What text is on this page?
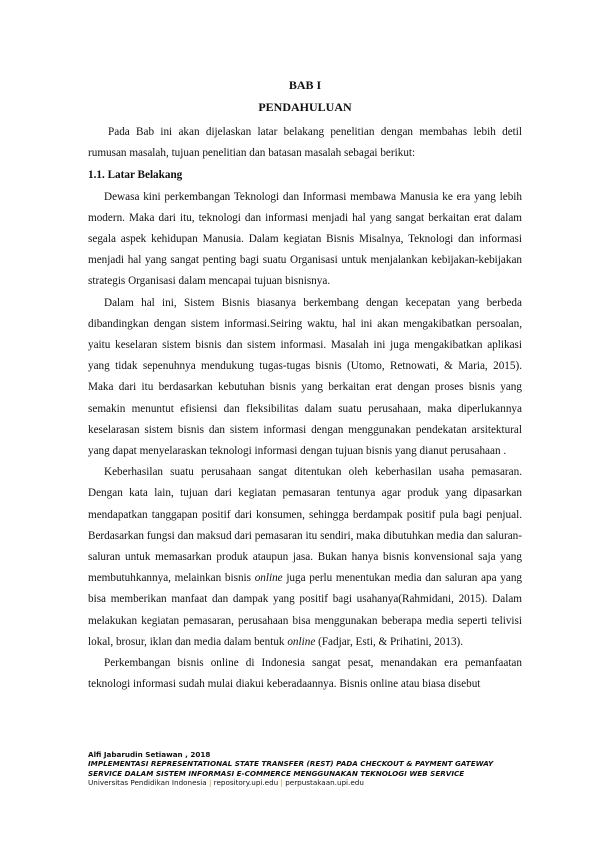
BAB I

PENDAHULUAN

Pada Bab ini akan dijelaskan latar belakang penelitian dengan membahas lebih detil rumusan masalah, tujuan penelitian dan batasan masalah sebagai berikut:

1.1. Latar Belakang

Dewasa kini perkembangan Teknologi dan Informasi membawa Manusia ke era yang lebih modern. Maka dari itu, teknologi dan informasi menjadi hal yang sangat berkaitan erat dalam segala aspek kehidupan Manusia. Dalam kegiatan Bisnis Misalnya, Teknologi dan informasi menjadi hal yang sangat penting bagi suatu Organisasi untuk menjalankan kebijakan-kebijakan strategis Organisasi dalam mencapai tujuan bisnisnya.

Dalam hal ini, Sistem Bisnis biasanya berkembang dengan kecepatan yang berbeda dibandingkan dengan sistem informasi.Seiring waktu, hal ini akan mengakibatkan persoalan, yaitu keselaran sistem bisnis dan sistem informasi. Masalah ini juga mengakibatkan aplikasi yang tidak sepenuhnya mendukung tugas-tugas bisnis (Utomo, Retnowati, & Maria, 2015). Maka dari itu berdasarkan kebutuhan bisnis yang berkaitan erat dengan proses bisnis yang semakin menuntut efisiensi dan fleksibilitas dalam suatu perusahaan, maka diperlukannya keselarasan sistem bisnis dan sistem informasi dengan menggunakan pendekatan arsitektural yang dapat menyelaraskan teknologi informasi dengan tujuan bisnis yang dianut perusahaan .

Keberhasilan suatu perusahaan sangat ditentukan oleh keberhasilan usaha pemasaran. Dengan kata lain, tujuan dari kegiatan pemasaran tentunya agar produk yang dipasarkan mendapatkan tanggapan positif dari konsumen, sehingga berdampak positif pula bagi penjual. Berdasarkan fungsi dan maksud dari pemasaran itu sendiri, maka dibutuhkan media dan saluran-saluran untuk memasarkan produk ataupun jasa. Bukan hanya bisnis konvensional saja yang membutuhkannya, melainkan bisnis online juga perlu menentukan media dan saluran apa yang bisa memberikan manfaat dan dampak yang positif bagi usahanya(Rahmidani, 2015). Dalam melakukan kegiatan pemasaran, perusahaan bisa menggunakan beberapa media seperti telivisi lokal, brosur, iklan dan media dalam bentuk online (Fadjar, Esti, & Prihatini, 2013).

Perkembangan bisnis online di Indonesia sangat pesat, menandakan era pemanfaatan teknologi informasi sudah mulai diakui keberadaannya. Bisnis online atau biasa disebut

Alfi Jabarudin Setiawan , 2018
IMPLEMENTASI REPRESENTATIONAL STATE TRANSFER (REST) PADA CHECKOUT & PAYMENT GATEWAY
SERVICE DALAM SISTEM INFORMASI E-COMMERCE MENGGUNAKAN TEKNOLOGI WEB SERVICE
Universitas Pendidikan Indonesia | repository.upi.edu | perpustakaan.upi.edu
